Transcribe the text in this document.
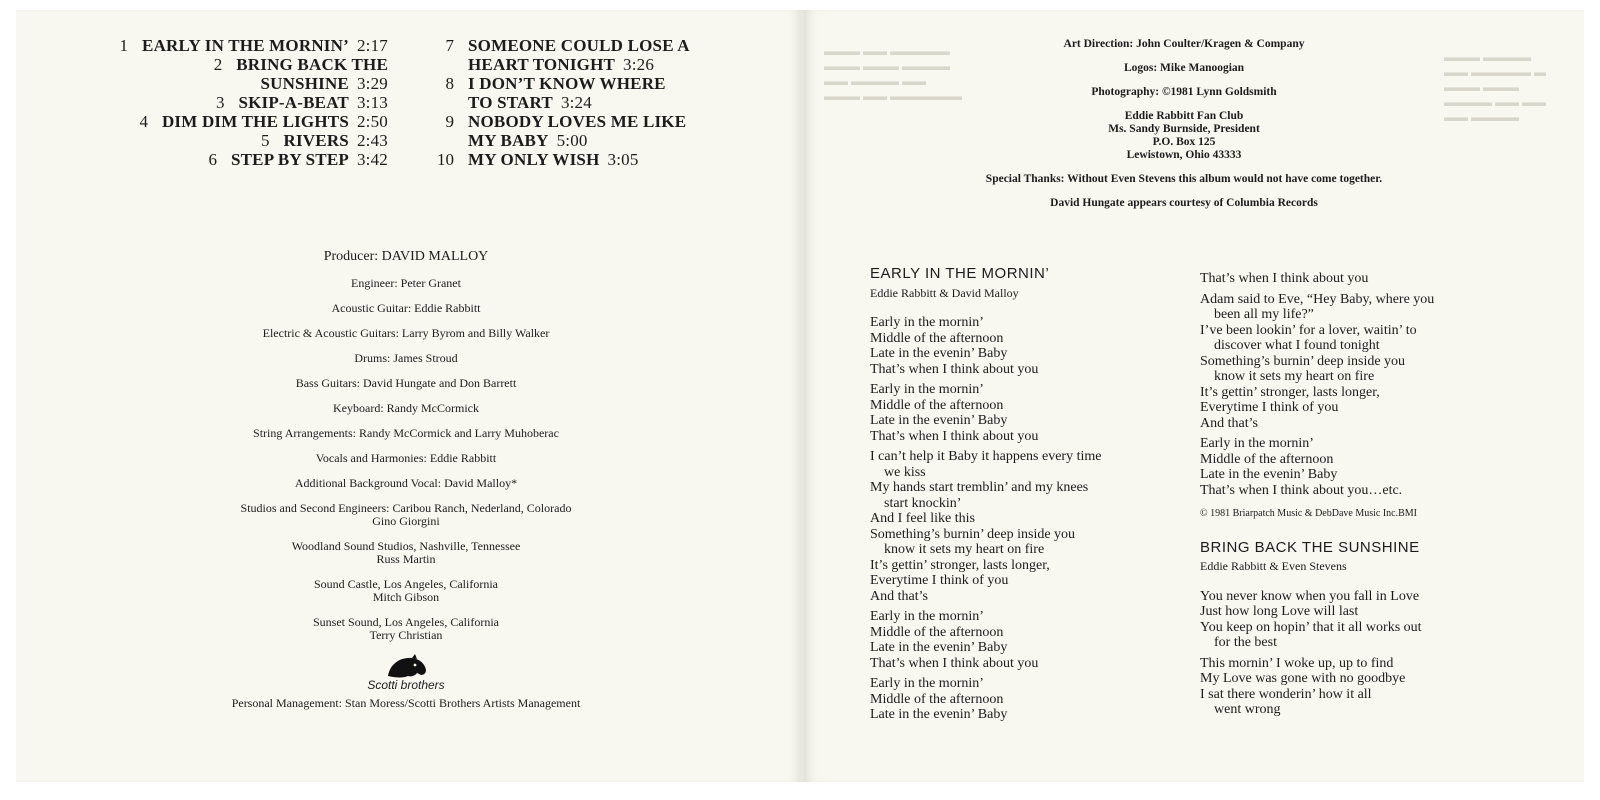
1 EARLY IN THE MORNIN’ 2:17
2 BRING BACK THE
SUNSHINE 3:29
3 SKIP-A-BEAT 3:13
4 DIM DIM THE LIGHTS 2:50
5 RIVERS 2:43
6 STEP BY STEP 3:42
7 SOMEONE COULD LOSE A
HEART TONIGHT 3:26
8 I DON’T KNOW WHERE
TO START 3:24
9 NOBODY LOVES ME LIKE
MY BABY 5:00
10 MY ONLY WISH 3:05

Producer: DAVID MALLOY

Engineer: Peter Granet

Acoustic Guitar: Eddie Rabbitt

Electric & Acoustic Guitars: Larry Byrom and Billy Walker

Drums: James Stroud

Bass Guitars: David Hungate and Don Barrett

Keyboard: Randy McCormick

String Arrangements: Randy McCormick and Larry Muhoberac

Vocals and Harmonies: Eddie Rabbitt

Additional Background Vocal: David Malloy*

Studios and Second Engineers: Caribou Ranch, Nederland, Colorado
Gino Giorgini

Woodland Sound Studios, Nashville, Tennessee
Russ Martin

Sound Castle, Los Angeles, California
Mitch Gibson

Sunset Sound, Los Angeles, California
Terry Christian

Scotti brothers

Personal Management: Stan Moress/Scotti Brothers Artists Management

▬▬▬ ▬▬ ▬▬▬▬▬
▬▬▬ ▬▬▬ ▬▬▬▬
▬▬ ▬▬▬▬ ▬▬
▬▬▬ ▬▬ ▬▬▬▬▬▬
▬▬▬ ▬▬▬▬
▬▬ ▬▬▬▬▬ ▬
▬▬▬ ▬▬▬
▬▬▬▬ ▬▬ ▬▬
▬▬ ▬▬▬▬

Art Direction: John Coulter/Kragen & Company

Logos: Mike Manoogian

Photography: ©1981 Lynn Goldsmith

Eddie Rabbitt Fan Club
Ms. Sandy Burnside, President
P.O. Box 125
Lewistown, Ohio 43333

Special Thanks: Without Even Stevens this album would not have come together.

David Hungate appears courtesy of Columbia Records

EARLY IN THE MORNIN’
Eddie Rabbitt & David Malloy
Early in the mornin’
Middle of the afternoon
Late in the evenin’ Baby
That’s when I think about you
Early in the mornin’
Middle of the afternoon
Late in the evenin’ Baby
That’s when I think about you
I can’t help it Baby it happens every time
we kiss
My hands start tremblin’ and my knees
start knockin’
And I feel like this
Something’s burnin’ deep inside you
know it sets my heart on fire
It’s gettin’ stronger, lasts longer,
Everytime I think of you
And that’s
Early in the mornin’
Middle of the afternoon
Late in the evenin’ Baby
That’s when I think about you
Early in the mornin’
Middle of the afternoon
Late in the evenin’ Baby
That’s when I think about you
Adam said to Eve, “Hey Baby, where you
been all my life?”
I’ve been lookin’ for a lover, waitin’ to
discover what I found tonight
Something’s burnin’ deep inside you
know it sets my heart on fire
It’s gettin’ stronger, lasts longer,
Everytime I think of you
And that’s
Early in the mornin’
Middle of the afternoon
Late in the evenin’ Baby
That’s when I think about you…etc.
© 1981 Briarpatch Music & DebDave Music Inc.BMI
BRING BACK THE SUNSHINE
Eddie Rabbitt & Even Stevens
You never know when you fall in Love
Just how long Love will last
You keep on hopin’ that it all works out
for the best
This mornin’ I woke up, up to find
My Love was gone with no goodbye
I sat there wonderin’ how it all
went wrong
